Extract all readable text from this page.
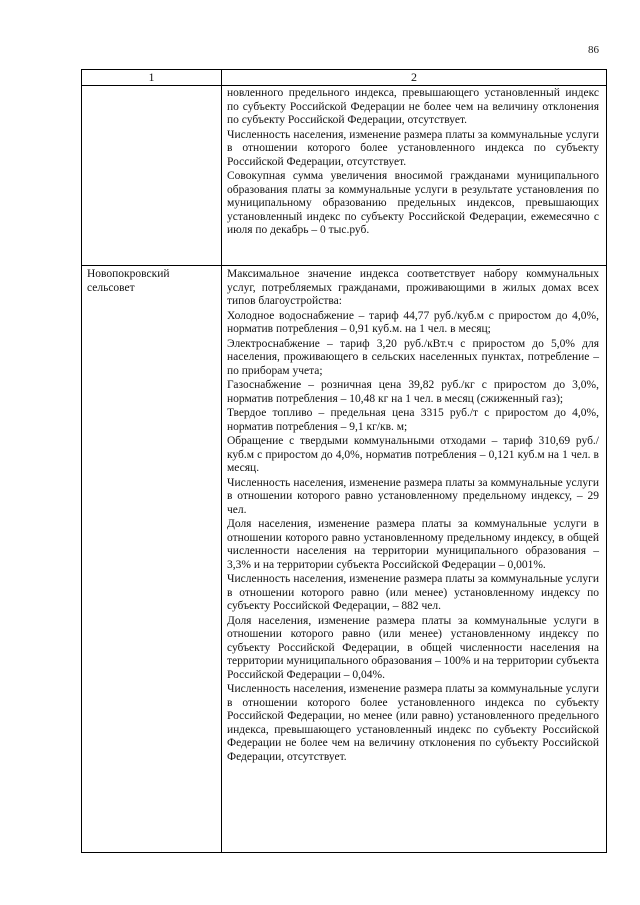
86
1	2

новленного предельного индекса, превышающего установленный индекс по субъекту Российской Федерации не более чем на величину отклонения по субъекту Российской Федерации, отсутствует.

Численность населения, изменение размера платы за коммунальные услуги в отношении которого более установленного индекса по субъекту Российской Федерации, отсутствует.

Совокупная сумма увеличения вносимой гражданами муниципального образования платы за коммунальные услуги в результате установления по муниципальному образованию предельных индексов, превышающих установленный индекс по субъекту Российской Федерации, ежемесячно с июля по декабрь – 0 тыс.руб.

Новопокровский сельсовет

Максимальное значение индекса соответствует набору коммунальных услуг, потребляемых гражданами, проживающими в жилых домах всех типов благоустройства:

Холодное водоснабжение – тариф 44,77 руб./куб.м с приростом до 4,0%, норматив потребления – 0,91 куб.м. на 1 чел. в месяц;

Электроснабжение – тариф 3,20 руб./кВт.ч с приростом до 5,0% для населения, проживающего в сельских населенных пунктах, потребление – по приборам учета;

Газоснабжение – розничная цена 39,82 руб./кг с приростом до 3,0%, норматив потребления – 10,48 кг на 1 чел. в месяц (сжиженный газ);

Твердое топливо – предельная цена 3315 руб./т с приростом до 4,0%, норматив потребления – 9,1 кг/кв. м;

Обращение с твердыми коммунальными отходами – тариф 310,69 руб./куб.м с приростом до 4,0%, норматив потребления – 0,121 куб.м на 1 чел. в месяц.

Численность населения, изменение размера платы за коммунальные услуги в отношении которого равно установленному предельному индексу, – 29 чел.

Доля населения, изменение размера платы за коммунальные услуги в отношении которого равно установленному предельному индексу, в общей численности населения на территории муниципального образования – 3,3% и на территории субъекта Российской Федерации – 0,001%.

Численность населения, изменение размера платы за коммунальные услуги в отношении которого равно (или менее) установленному индексу по субъекту Российской Федерации, – 882 чел.

Доля населения, изменение размера платы за коммунальные услуги в отношении которого равно (или менее) установленному индексу по субъекту Российской Федерации, в общей численности населения на территории муниципального образования – 100% и на территории субъекта Российской Федерации – 0,04%.

Численность населения, изменение размера платы за коммунальные услуги в отношении которого более установленного индекса по субъекту Российской Федерации, но менее (или равно) установленного предельного индекса, превышающего установленный индекс по субъекту Российской Федерации не более чем на величину отклонения по субъекту Российской Федерации, отсутствует.
